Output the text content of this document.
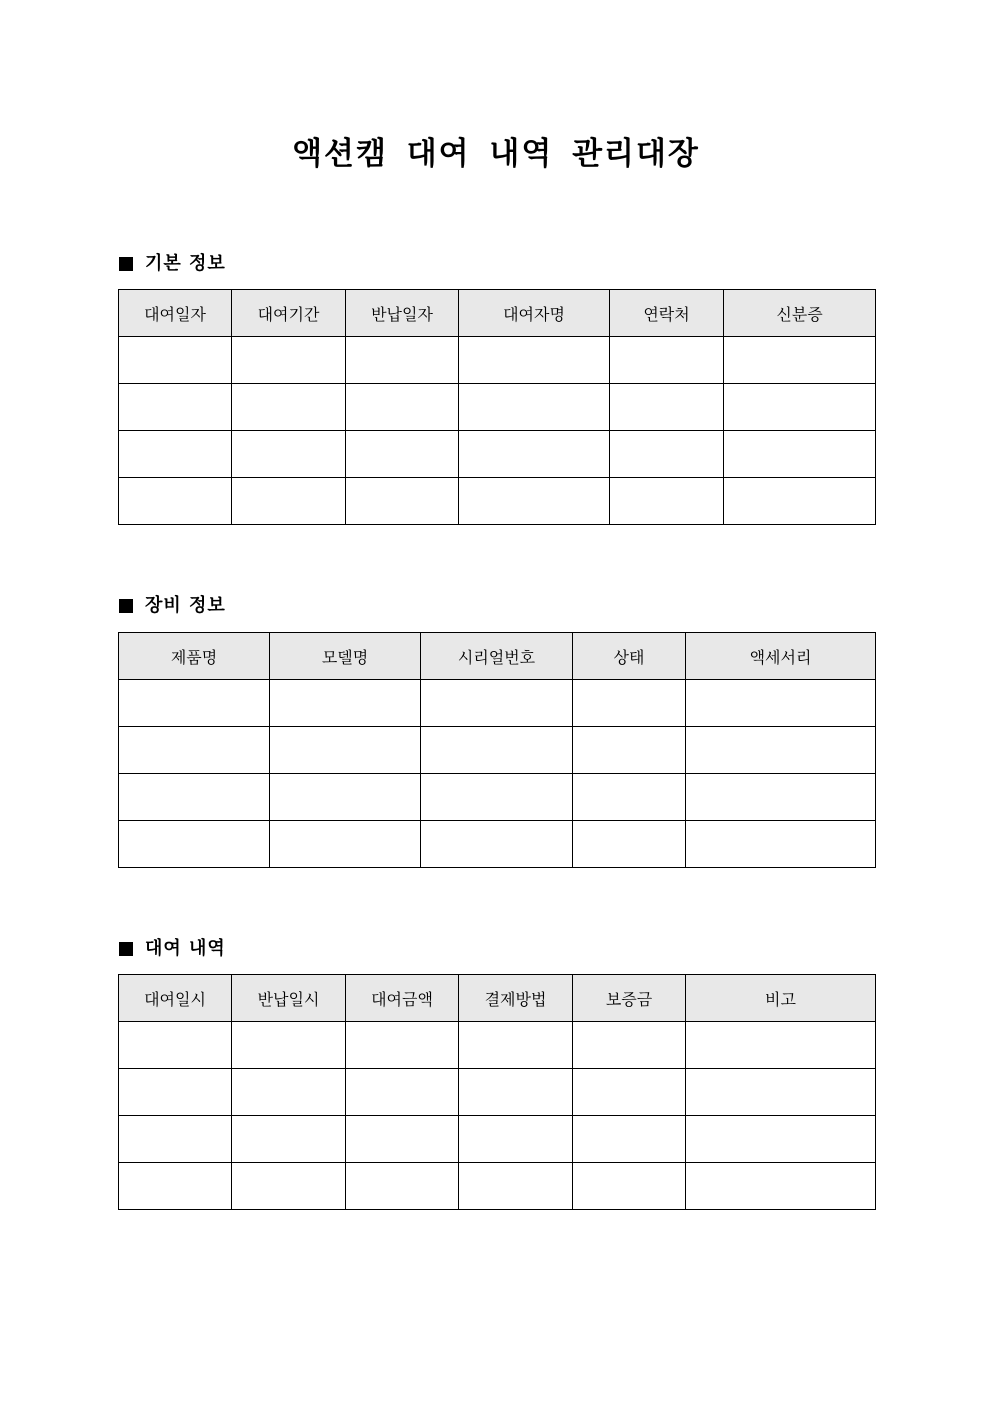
액션캠 대여 내역 관리대장
기본 정보
대여일자	대여기간	반납일자	대여자명	연락처	신분증

장비 정보
제품명	모델명	시리얼번호	상태	액세서리

대여 내역
대여일시	반납일시	대여금액	결제방법	보증금	비고
